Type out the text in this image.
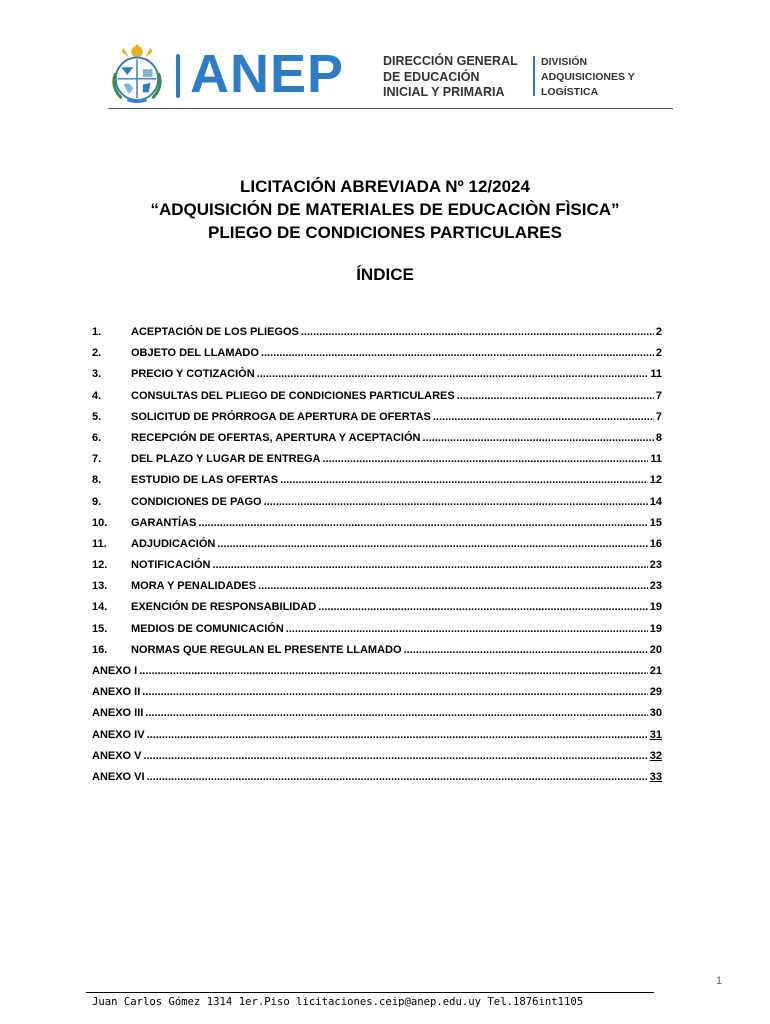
ANEP	DIRECCIÓN GENERAL
DE EDUCACIÓN
INICIAL Y PRIMARIA
DIVISIÓN
ADQUISICIONES Y
LOGÍSTICA
LICITACIÓN ABREVIADA Nº 12/2024
“ADQUISICIÓN DE MATERIALES DE EDUCACIÒN FÌSICA”
PLIEGO DE CONDICIONES PARTICULARES
ÍNDICE
1.	ACEPTACIÓN DE LOS PLIEGOS .....	2
2.	OBJETO DEL LLAMADO .....	2
3.	PRECIO Y COTIZACIÒN .....	11
4.	CONSULTAS DEL PLIEGO DE CONDICIONES PARTICULARES .....	7
5.	SOLICITUD DE PRÓRROGA DE APERTURA DE OFERTAS .....	7
6.	RECEPCIÓN DE OFERTAS, APERTURA Y ACEPTACIÓN .....	8
7.	DEL PLAZO Y LUGAR DE ENTREGA .....	11
8.	ESTUDIO DE LAS OFERTAS .....	12
9.	CONDICIONES DE PAGO .....	14
10.	GARANTÍAS .....	15
11.	ADJUDICACIÓN .....	16
12.	NOTIFICACIÓN .....	23
13.	MORA Y PENALIDADES .....	23
14.	EXENCIÓN DE RESPONSABILIDAD .....	19
15.	MEDIOS DE COMUNICACIÓN .....	19
16.	NORMAS QUE REGULAN EL PRESENTE LLAMADO .....	20
ANEXO I .....	21
ANEXO II .....	29
ANEXO III .....	30
ANEXO IV .....	31
ANEXO V .....	32
ANEXO VI .....	33
1
Juan Carlos Gómez 1314 1er.Piso licitaciones.ceip@anep.edu.uy Tel.1876int1105
